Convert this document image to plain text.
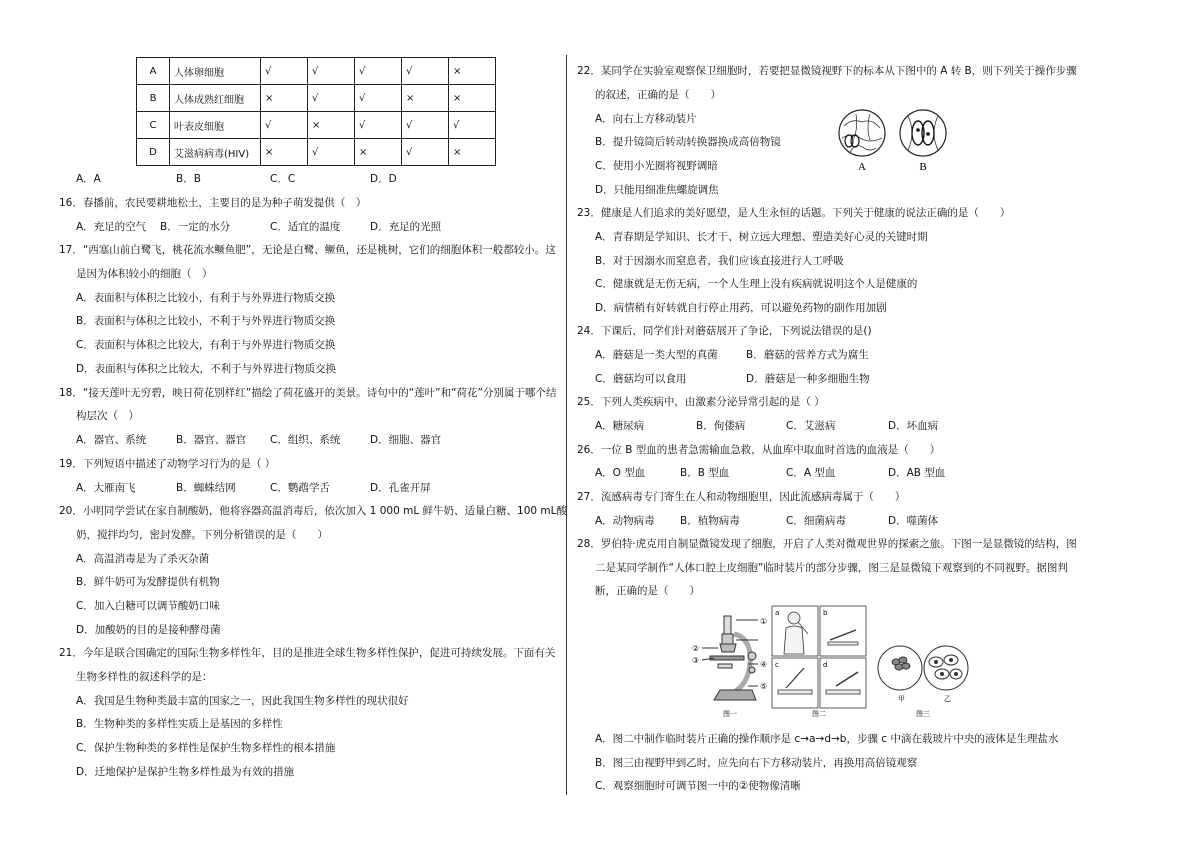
A	人体卵细胞	√	√	√	√	×
B	人体成熟红细胞	×	√	√	×	×
C	叶表皮细胞	√	×	√	√	√
D	艾滋病病毒(HIV)	×	√	×	√	×
A．A	B．B	C．C	D．D
16．春播前，农民要耕地松土，主要目的是为种子萌发提供（　）
A．充足的空气 B．一定的水分	C．适宜的温度	D．充足的光照
17．“西塞山前白鹭飞，桃花流水鳜鱼肥”，无论是白鹭、鳜鱼，还是桃树，它们的细胞体积一般都较小。这
是因为体积较小的细胞（　）
A．表面积与体积之比较小，有利于与外界进行物质交换
B．表面积与体积之比较小，不利于与外界进行物质交换
C．表面积与体积之比较大，有利于与外界进行物质交换
D．表面积与体积之比较大，不利于与外界进行物质交换
18．“接天莲叶无穷碧，映日荷花别样红”描绘了荷花盛开的美景。诗句中的“莲叶”和“荷花”分别属于哪个结
构层次（　）
A．器官、系统	B．器官、器官 C．组织、系统	D．细胞、器官
19．下列短语中描述了动物学习行为的是（ ）
A．大雁南飞	B．蜘蛛结网	C．鹦鹉学舌	D．孔雀开屏
20．小明同学尝试在家自制酸奶，他将容器高温消毒后，依次加入 1 000 mL 鲜牛奶、适量白糖、100 mL酸
奶，搅拌均匀，密封发酵。下列分析错误的是（　　）
A．高温消毒是为了杀灭杂菌
B．鲜牛奶可为发酵提供有机物
C．加入白糖可以调节酸奶口味
D．加酸奶的目的是接种酵母菌
21．今年是联合国确定的国际生物多样性年，目的是推进全球生物多样性保护，促进可持续发展。下面有关
生物多样性的叙述科学的是：
A．我国是生物种类最丰富的国家之一，因此我国生物多样性的现状很好
B．生物种类的多样性实质上是基因的多样性
C．保护生物种类的多样性是保护生物多样性的根本措施
D．迁地保护是保护生物多样性最为有效的措施
22．某同学在实验室观察保卫细胞时，若要把显微镜视野下的标本从下图中的 A 转 B，则下列关于操作步骤
的叙述，正确的是（　　）
A．向右上方移动装片
B．提升镜筒后转动转换器换成高倍物镜
C．使用小光圈将视野调暗
D．只能用细准焦螺旋调焦
A	B
23．健康是人们追求的美好愿望，是人生永恒的话题。下列关于健康的说法正确的是（　　）
A．青春期是学知识、长才干、树立远大理想、塑造美好心灵的关键时期
B．对于因溺水而窒息者，我们应该直接进行人工呼吸
C．健康就是无伤无病，一个人生理上没有疾病就说明这个人是健康的
D．病情稍有好转就自行停止用药，可以避免药物的副作用加剧
24．下课后，同学们针对蘑菇展开了争论，下列说法错误的是()
A．蘑菇是一类大型的真菌	B．蘑菇的营养方式为腐生
C．蘑菇均可以食用	D．蘑菇是一种多细胞生物
25．下列人类疾病中，由激素分泌异常引起的是（ ）
A．糖尿病	B．佝偻病	C．艾滋病	D．坏血病
26．一位 B 型血的患者急需输血急救，从血库中取血时首选的血液是（　　）
A．O 型血	B．B 型血	C．A 型血	D．AB 型血
27．流感病毒专门寄生在人和动物细胞里，因此流感病毒属于（　　）
A．动物病毒 B．植物病毒	C．细菌病毒	D．噬菌体
28．罗伯特·虎克用自制显微镜发现了细胞，开启了人类对微观世界的探索之旅。下图一是显微镜的结构，图
二是某同学制作“人体口腔上皮细胞”临时装片的部分步骤，图三是显微镜下观察到的不同视野。据图判
断，正确的是（　　）
①
②
③	④
⑤
图一
a	b
c	d
图二
甲	乙
图三
A．图二中制作临时装片正确的操作顺序是 c→a→d→b，步骤 c 中滴在载玻片中央的液体是生理盐水
B．图三由视野甲到乙时，应先向右下方移动装片，再换用高倍镜观察
C．观察细胞时可调节图一中的②使物像清晰
